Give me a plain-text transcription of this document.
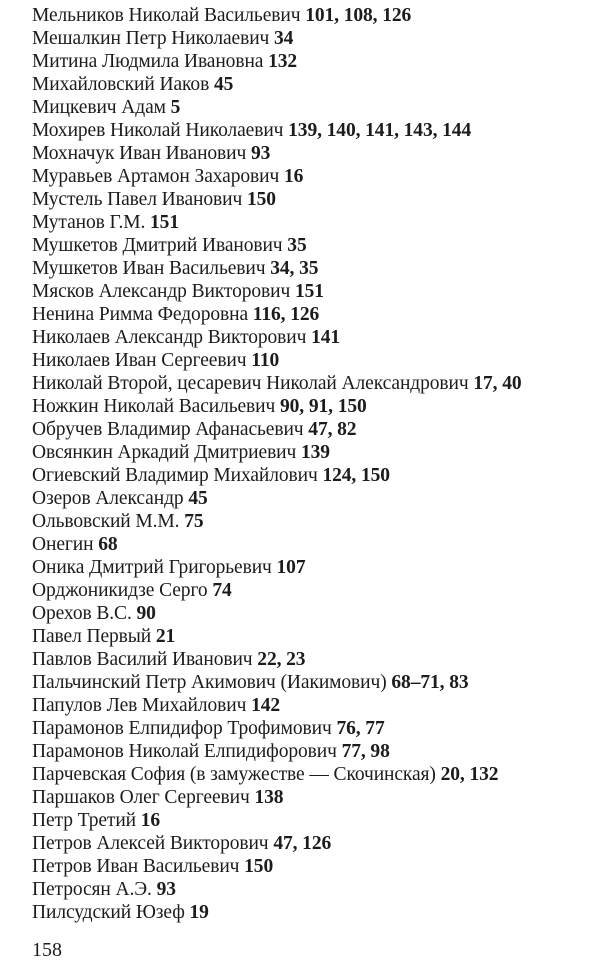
Мельников Николай Васильевич 101, 108, 126
Мешалкин Петр Николаевич 34
Митина Людмила Ивановна 132
Михайловский Иаков 45
Мицкевич Адам 5
Мохирев Николай Николаевич 139, 140, 141, 143, 144
Мохначук Иван Иванович 93
Муравьев Артамон Захарович 16
Мустель Павел Иванович 150
Мутанов Г.М. 151
Мушкетов Дмитрий Иванович 35
Мушкетов Иван Васильевич 34, 35
Мясков Александр Викторович 151
Ненина Римма Федоровна 116, 126
Николаев Александр Викторович 141
Николаев Иван Сергеевич 110
Николай Второй, цесаревич Николай Александрович 17, 40
Ножкин Николай Васильевич 90, 91, 150
Обручев Владимир Афанасьевич 47, 82
Овсянкин Аркадий Дмитриевич 139
Огиевский Владимир Михайлович 124, 150
Озеров Александр 45
Ольвовский М.М. 75
Онегин 68
Оника Дмитрий Григорьевич 107
Орджоникидзе Серго 74
Орехов В.С. 90
Павел Первый 21
Павлов Василий Иванович 22, 23
Пальчинский Петр Акимович (Иакимович) 68–71, 83
Папулов Лев Михайлович 142
Парамонов Елпидифор Трофимович 76, 77
Парамонов Николай Елпидифорович 77, 98
Парчевская София (в замужестве — Скочинская) 20, 132
Паршаков Олег Сергеевич 138
Петр Третий 16
Петров Алексей Викторович 47, 126
Петров Иван Васильевич 150
Петросян А.Э. 93
Пилсудский Юзеф 19
158
